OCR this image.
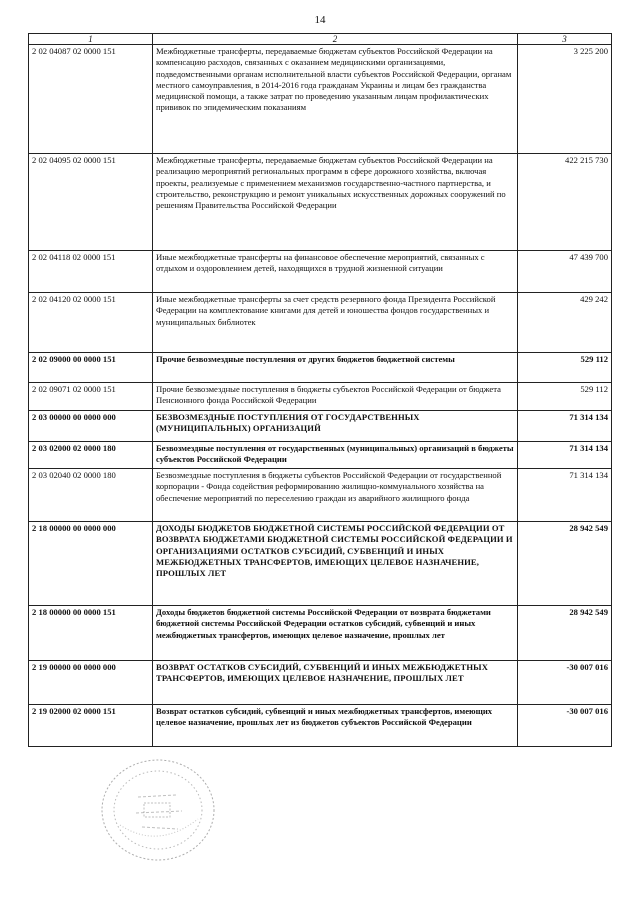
14
1	2	3
2 02 04087 02 0000 151	Межбюджетные трансферты, передаваемые бюджетам субъектов Российской Федерации на компенсацию расходов, связанных с оказанием медицинскими организациями, подведомственными органам исполнительной власти субъектов Российской Федерации, органам местного самоуправления, в 2014-2016 года гражданам Украины и лицам без гражданства медицинской помощи, а также затрат по проведению указанным лицам профилактических прививок по эпидемическим показаниям	3 225 200
2 02 04095 02 0000 151	Межбюджетные трансферты, передаваемые бюджетам субъектов Российской Федерации на реализацию мероприятий региональных программ в сфере дорожного хозяйства, включая проекты, реализуемые с применением механизмов государственно-частного партнерства, и строительство, реконструкцию и ремонт уникальных искусственных дорожных сооружений по решениям Правительства Российской Федерации	422 215 730
2 02 04118 02 0000 151	Иные межбюджетные трансферты на финансовое обеспечение мероприятий, связанных с отдыхом и оздоровлением детей, находящихся в трудной жизненной ситуации	47 439 700
2 02 04120 02 0000 151	Иные межбюджетные трансферты за счет средств резервного фонда Президента Российской Федерации на комплектование книгами для детей и юношества фондов государственных и муниципальных библиотек	429 242
2 02 09000 00 0000 151	Прочие безвозмездные поступления от других бюджетов бюджетной системы	529 112
2 02 09071 02 0000 151	Прочие безвозмездные поступления в бюджеты субъектов Российской Федерации от бюджета Пенсионного фонда Российской Федерации	529 112
2 03 00000 00 0000 000	БЕЗВОЗМЕЗДНЫЕ ПОСТУПЛЕНИЯ ОТ ГОСУДАРСТВЕННЫХ (МУНИЦИПАЛЬНЫХ) ОРГАНИЗАЦИЙ	71 314 134
2 03 02000 02 0000 180	Безвозмездные поступления от государственных (муниципальных) организаций в бюджеты субъектов Российской Федерации	71 314 134
2 03 02040 02 0000 180	Безвозмездные поступления в бюджеты субъектов Российской Федерации от государственной корпорации - Фонда содействия реформированию жилищно-коммунального хозяйства на обеспечение мероприятий по переселению граждан из аварийного жилищного фонда	71 314 134
2 18 00000 00 0000 000	ДОХОДЫ БЮДЖЕТОВ БЮДЖЕТНОЙ СИСТЕМЫ РОССИЙСКОЙ ФЕДЕРАЦИИ ОТ ВОЗВРАТА БЮДЖЕТАМИ БЮДЖЕТНОЙ СИСТЕМЫ РОССИЙСКОЙ ФЕДЕРАЦИИ И ОРГАНИЗАЦИЯМИ ОСТАТКОВ СУБСИДИЙ, СУБВЕНЦИЙ И ИНЫХ МЕЖБЮДЖЕТНЫХ ТРАНСФЕРТОВ, ИМЕЮЩИХ ЦЕЛЕВОЕ НАЗНАЧЕНИЕ, ПРОШЛЫХ ЛЕТ	28 942 549
2 18 00000 00 0000 151	Доходы бюджетов бюджетной системы Российской Федерации от возврата бюджетами бюджетной системы Российской Федерации остатков субсидий, субвенций и иных межбюджетных трансфертов, имеющих целевое назначение, прошлых лет	28 942 549
2 19 00000 00 0000 000	ВОЗВРАТ ОСТАТКОВ СУБСИДИЙ, СУБВЕНЦИЙ И ИНЫХ МЕЖБЮДЖЕТНЫХ ТРАНСФЕРТОВ, ИМЕЮЩИХ ЦЕЛЕВОЕ НАЗНАЧЕНИЕ, ПРОШЛЫХ ЛЕТ	-30 007 016
2 19 02000 02 0000 151	Возврат остатков субсидий, субвенций и иных межбюджетных трансфертов, имеющих целевое назначение, прошлых лет из бюджетов субъектов Российской Федерации	-30 007 016
